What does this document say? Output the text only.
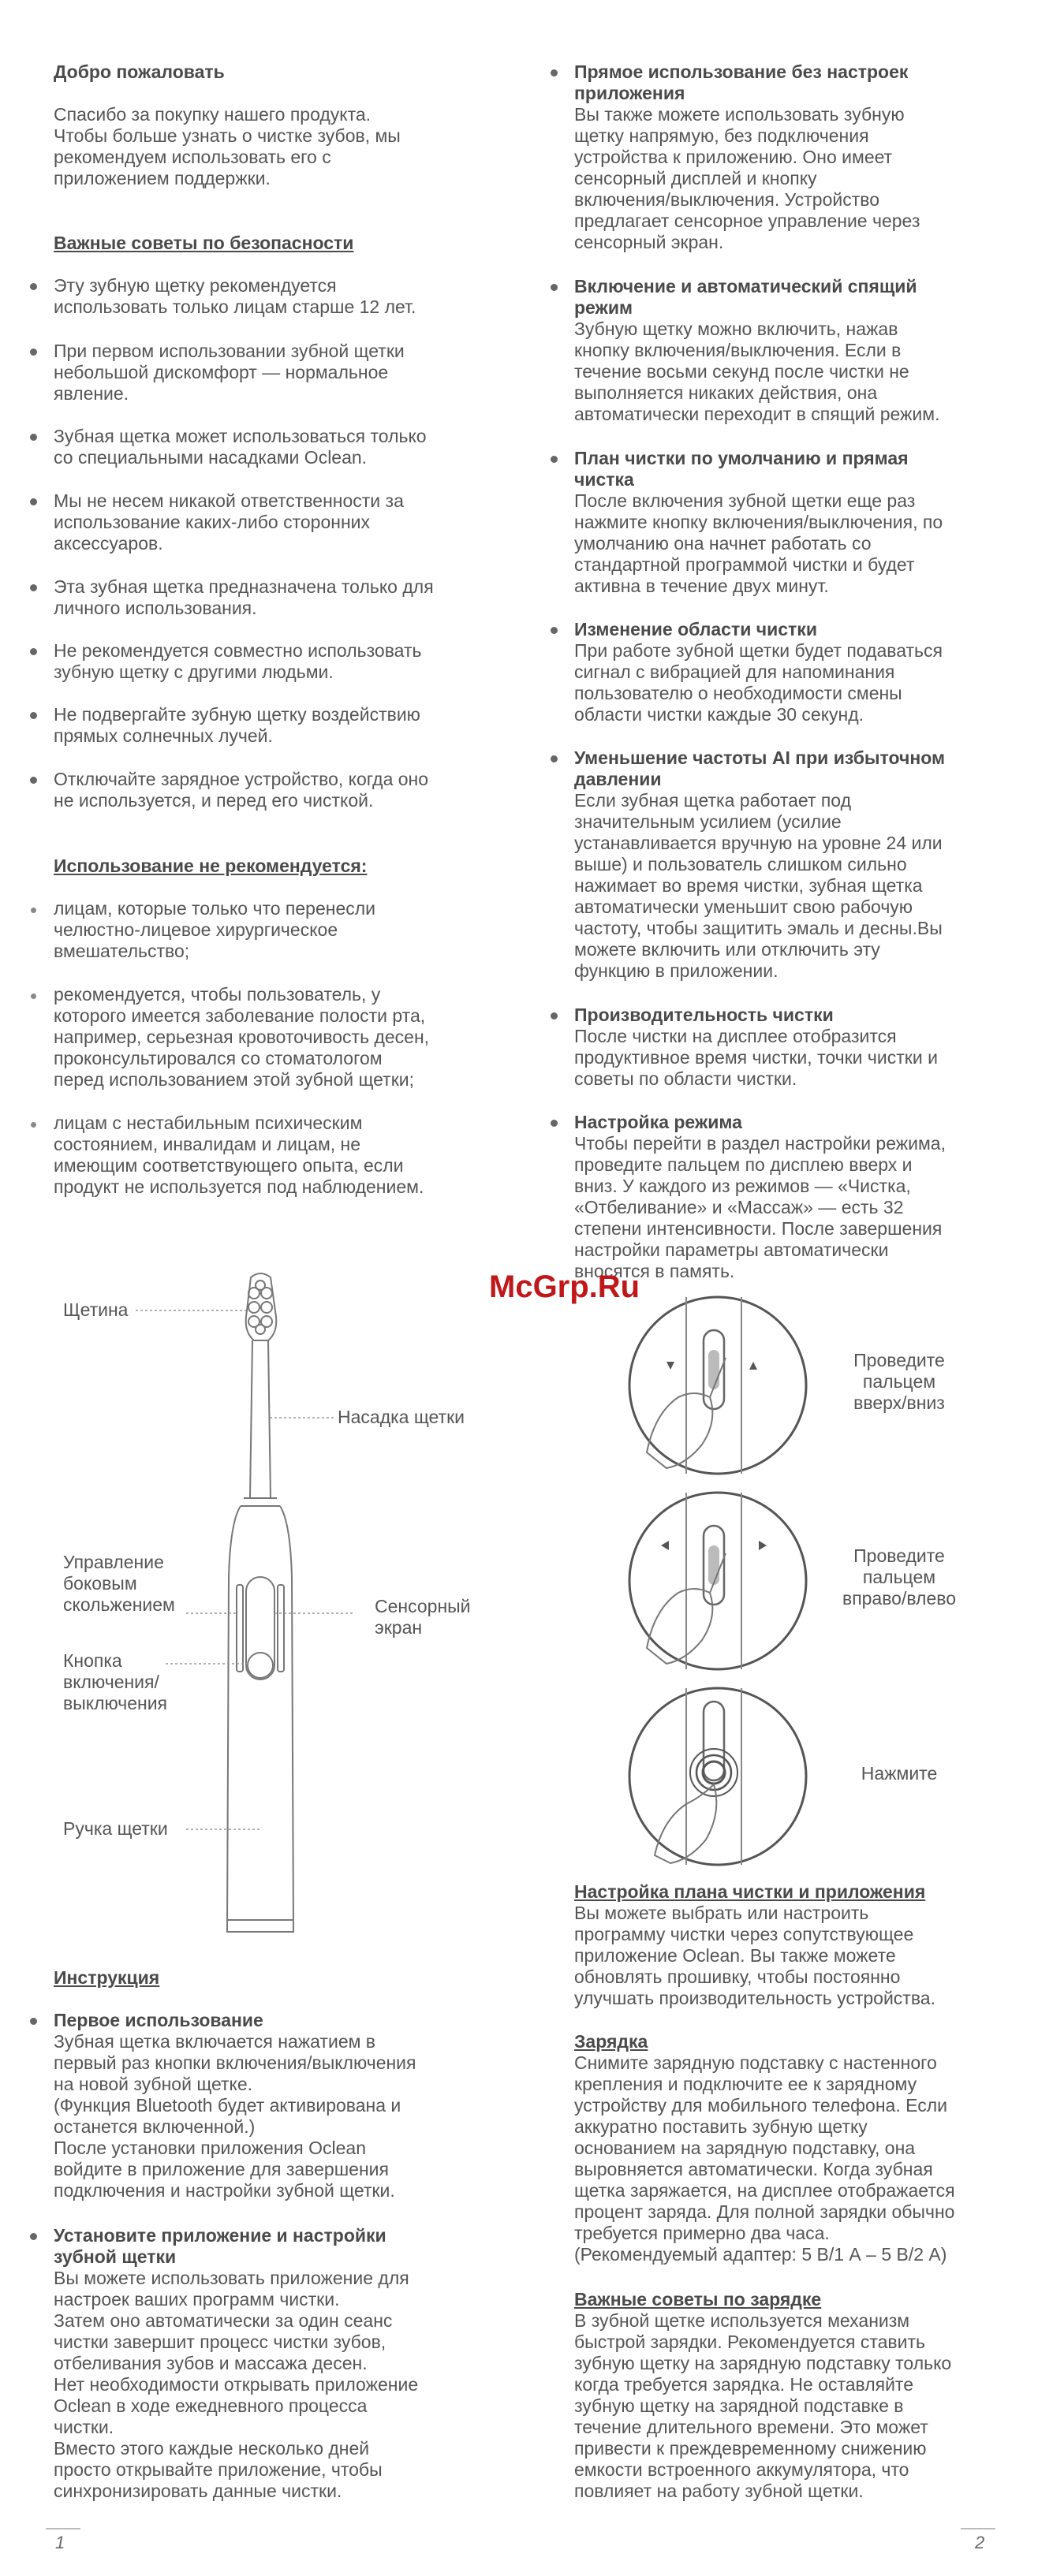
Добро пожаловать

Спасибо за покупку нашего продукта.
Чтобы больше узнать о чистке зубов, мы
рекомендуем использовать его с
приложением поддержки.

Важные советы по безопасности

Эту зубную щетку рекомендуется
использовать только лицам старше 12 лет.

При первом использовании зубной щетки
небольшой дискомфорт — нормальное
явление.

Зубная щетка может использоваться только
со специальными насадками Oclean.

Мы не несем никакой ответственности за
использование каких-либо сторонних
аксессуаров.

Эта зубная щетка предназначена только для
личного использования.

Не рекомендуется совместно использовать
зубную щетку с другими людьми.

Не подвергайте зубную щетку воздействию
прямых солнечных лучей.

Отключайте зарядное устройство, когда оно
не используется, и перед его чисткой.

Использование не рекомендуется:

лицам, которые только что перенесли
челюстно-лицевое хирургическое
вмешательство;

рекомендуется, чтобы пользователь, у
которого имеется заболевание полости рта,
например, серьезная кровоточивость десен,
проконсультировался со стоматологом
перед использованием этой зубной щетки;

лицам с нестабильным психическим
состоянием, инвалидам и лицам, не
имеющим соответствующего опыта, если
продукт не используется под наблюдением.

Щетина
Насадка щетки
Управление
боковым
скольжением	Сенсорный
экран
Кнопка
включения/
выключения
Ручка щетки

Инструкция

Первое использование

Зубная щетка включается нажатием в
первый раз кнопки включения/выключения
на новой зубной щетке.
(Функция Bluetooth будет активирована и
останется включенной.)
После установки приложения Oclean
войдите в приложение для завершения
подключения и настройки зубной щетки.

Установите приложение и настройки
зубной щетки

Вы можете использовать приложение для
настроек ваших программ чистки.
Затем оно автоматически за один сеанс
чистки завершит процесс чистки зубов,
отбеливания зубов и массажа десен.
Нет необходимости открывать приложение
Oclean в ходе ежедневного процесса
чистки.
Вместо этого каждые несколько дней
просто открывайте приложение, чтобы
синхронизировать данные чистки.

1

Прямое использование без настроек
приложения

Вы также можете использовать зубную
щетку напрямую, без подключения
устройства к приложению. Оно имеет
сенсорный дисплей и кнопку
включения/выключения. Устройство
предлагает сенсорное управление через
сенсорный экран.

Включение и автоматический спящий
режим

Зубную щетку можно включить, нажав
кнопку включения/выключения. Если в
течение восьми секунд после чистки не
выполняется никаких действия, она
автоматически переходит в спящий режим.

План чистки по умолчанию и прямая
чистка

После включения зубной щетки еще раз
нажмите кнопку включения/выключения, по
умолчанию она начнет работать со
стандартной программой чистки и будет
активна в течение двух минут.

Изменение области чистки

При работе зубной щетки будет подаваться
сигнал с вибрацией для напоминания
пользователю о необходимости смены
области чистки каждые 30 секунд.

Уменьшение частоты AI при избыточном
давлении

Если зубная щетка работает под
значительным усилием (усилие
устанавливается вручную на уровне 24 или
выше) и пользователь слишком сильно
нажимает во время чистки, зубная щетка
автоматически уменьшит свою рабочую
частоту, чтобы защитить эмаль и десны.Вы
можете включить или отключить эту
функцию в приложении.

Производительность чистки

После чистки на дисплее отобразится
продуктивное время чистки, точки чистки и
советы по области чистки.

Настройка режима

Чтобы перейти в раздел настройки режима,
проведите пальцем по дисплею вверх и
вниз. У каждого из режимов — «Чистка,
«Отбеливание» и «Массаж» — есть 32
степени интенсивности. После завершения
настройки параметры автоматически
вносятся в память.

McGrp.Ru
Проведите
пальцем
вверх/вниз
Проведите
пальцем
вправо/влево
Нажмите

Настройка плана чистки и приложения

Вы можете выбрать или настроить
программу чистки через сопутствующее
приложение Oclean. Вы также можете
обновлять прошивку, чтобы постоянно
улучшать производительность устройства.

Зарядка

Снимите зарядную подставку с настенного
крепления и подключите ее к зарядному
устройству для мобильного телефона. Если
аккуратно поставить зубную щетку
основанием на зарядную подставку, она
выровняется автоматически. Когда зубная
щетка заряжается, на дисплее отображается
процент заряда. Для полной зарядки обычно
требуется примерно два часа.
(Рекомендуемый адаптер: 5 В/1 А – 5 В/2 А)

Важные советы по зарядке

В зубной щетке используется механизм
быстрой зарядки. Рекомендуется ставить
зубную щетку на зарядную подставку только
когда требуется зарядка. Не оставляйте
зубную щетку на зарядной подставке в
течение длительного времени. Это может
привести к преждевременному снижению
емкости встроенного аккумулятора, что
повлияет на работу зубной щетки.

2
